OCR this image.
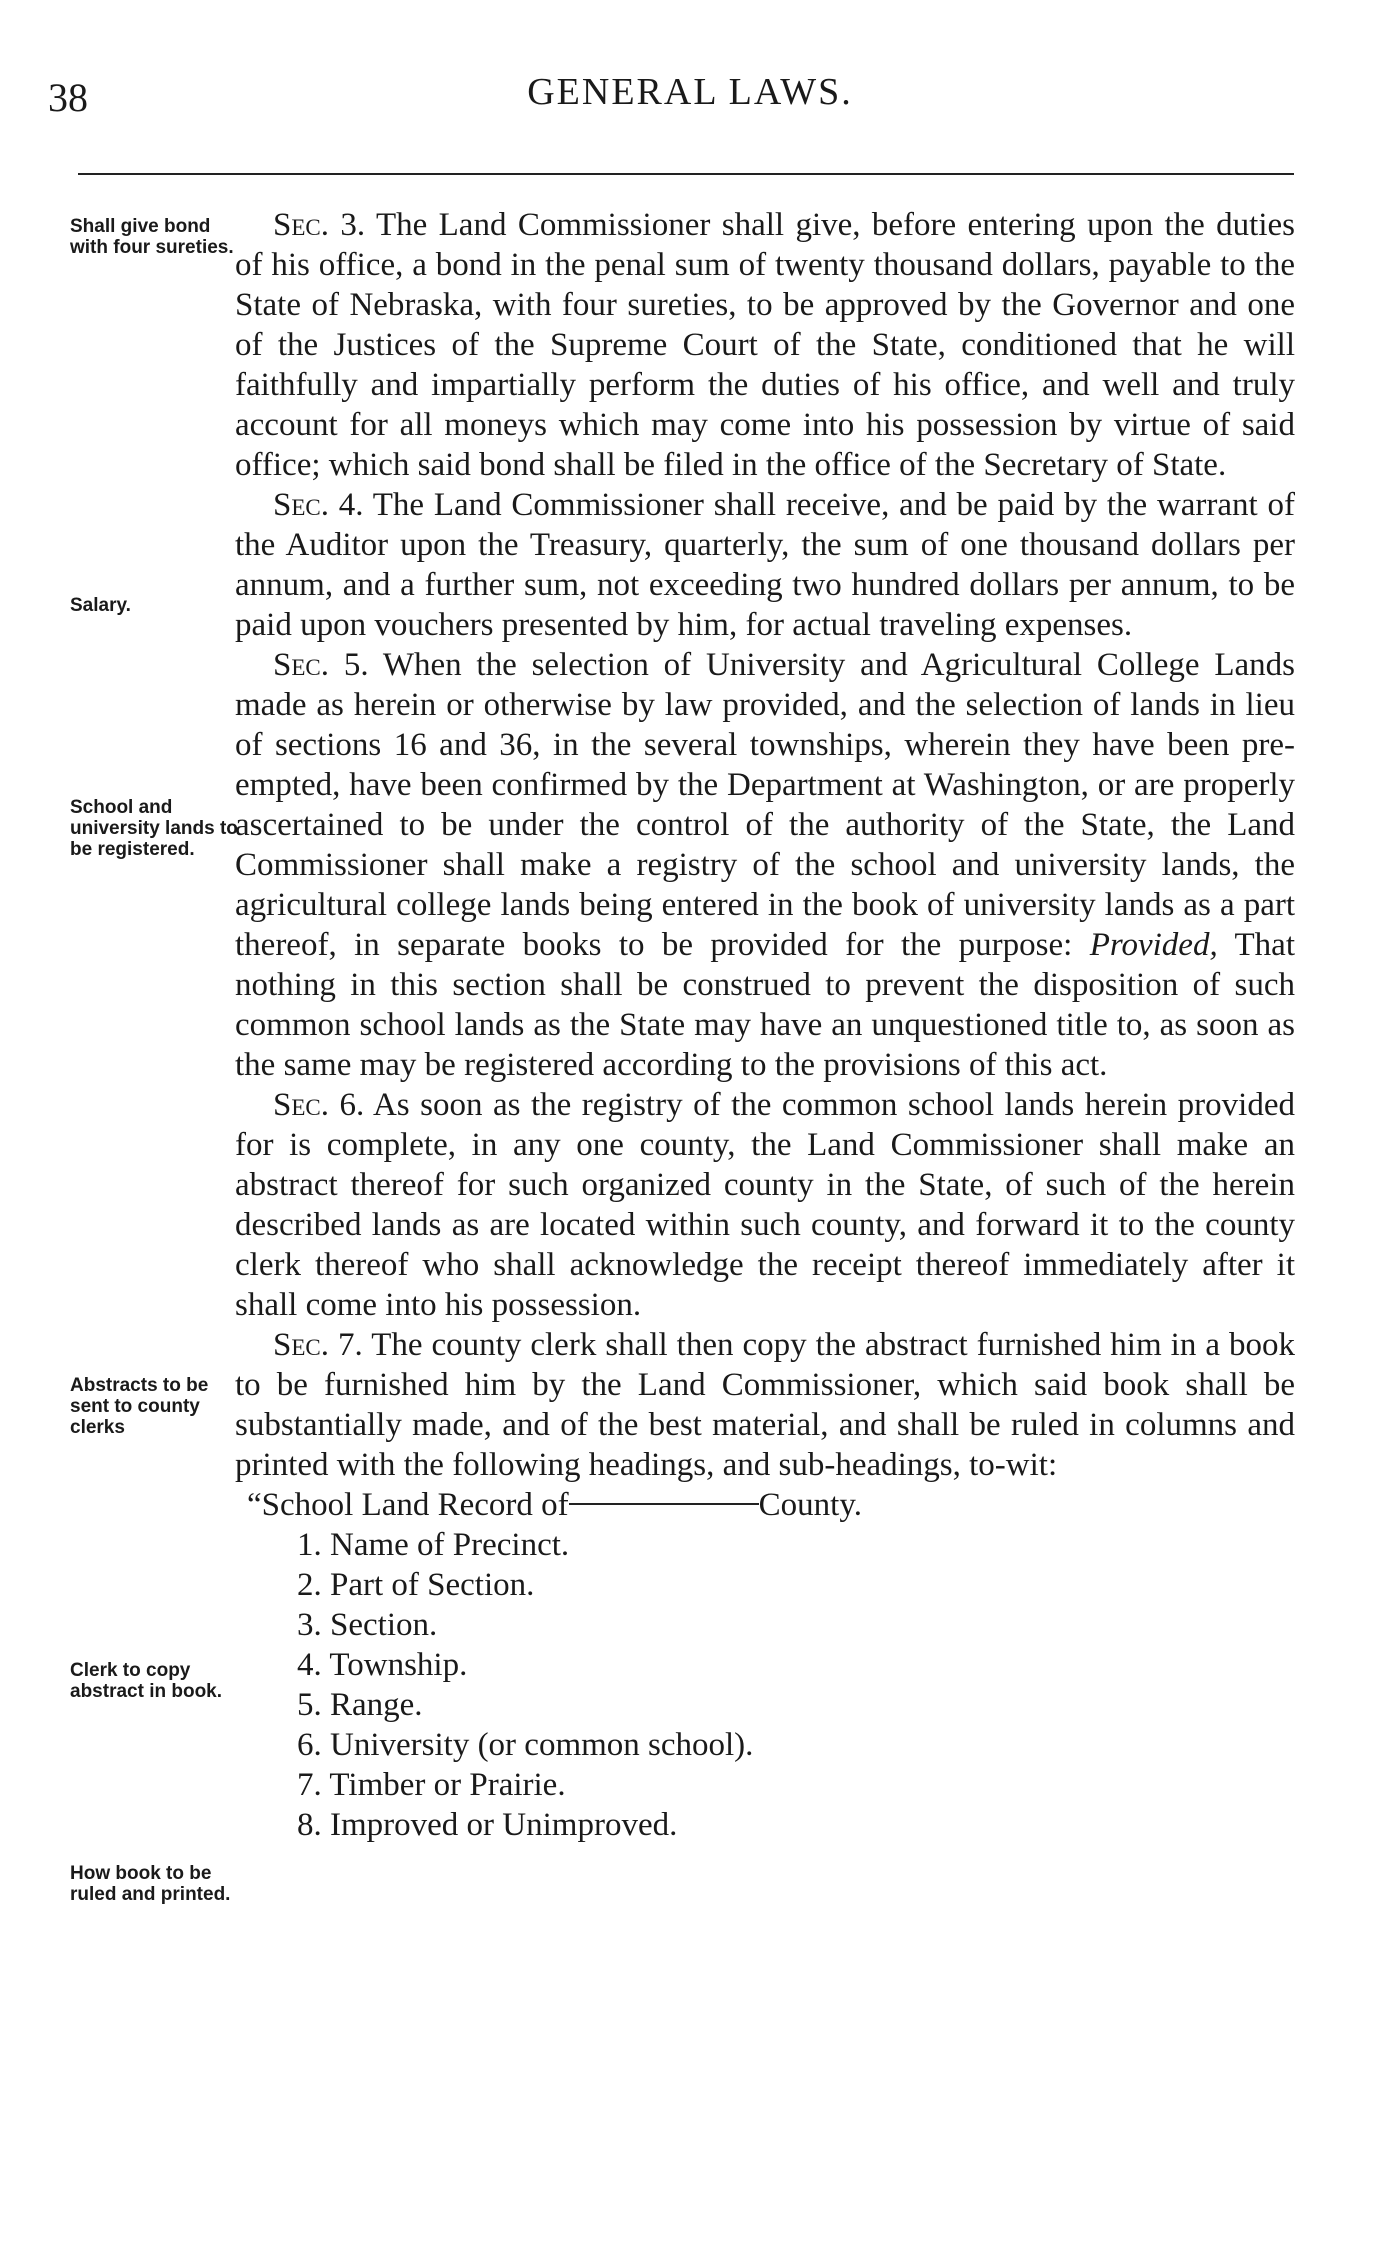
38	GENERAL LAWS.
Shall give bond with four sureties.
Salary.
School and university lands to be registered.
Abstracts to be sent to county clerks
Clerk to copy abstract in book.
How book to be ruled and printed.

Sec. 3. The Land Commissioner shall give, before entering upon the duties of his office, a bond in the penal sum of twenty thousand dollars, payable to the State of Nebraska, with four sureties, to be approved by the Governor and one of the Justices of the Supreme Court of the State, conditioned that he will faithfully and impartially perform the duties of his office, and well and truly account for all moneys which may come into his possession by virtue of said office; which said bond shall be filed in the office of the Secretary of State.

Sec. 4. The Land Commissioner shall receive, and be paid by the warrant of the Auditor upon the Treasury, quarterly, the sum of one thousand dollars per annum, and a further sum, not exceeding two hundred dollars per annum, to be paid upon vouchers presented by him, for actual traveling expenses.

Sec. 5. When the selection of University and Agricultural College Lands made as herein or otherwise by law provided, and the selection of lands in lieu of sections 16 and 36, in the several townships, wherein they have been pre-empted, have been confirmed by the Department at Washington, or are properly ascertained to be under the control of the authority of the State, the Land Commissioner shall make a registry of the school and university lands, the agricultural college lands being entered in the book of university lands as a part thereof, in separate books to be provided for the purpose: Provided, That nothing in this section shall be construed to prevent the disposition of such common school lands as the State may have an unquestioned title to, as soon as the same may be registered according to the provisions of this act.

Sec. 6. As soon as the registry of the common school lands herein provided for is complete, in any one county, the Land Commissioner shall make an abstract thereof for such organized county in the State, of such of the herein described lands as are located within such county, and forward it to the county clerk thereof who shall acknowledge the receipt thereof immediately after it shall come into his possession.

Sec. 7. The county clerk shall then copy the abstract furnished him in a book to be furnished him by the Land Commissioner, which said book shall be substantially made, and of the best material, and shall be ruled in columns and printed with the following headings, and sub-headings, to-wit:

“School Land Record of	County.

1. Name of Precinct.
2. Part of Section.
3. Section.
4. Township.
5. Range.
6. University (or common school).
7. Timber or Prairie.
8. Improved or Unimproved.
